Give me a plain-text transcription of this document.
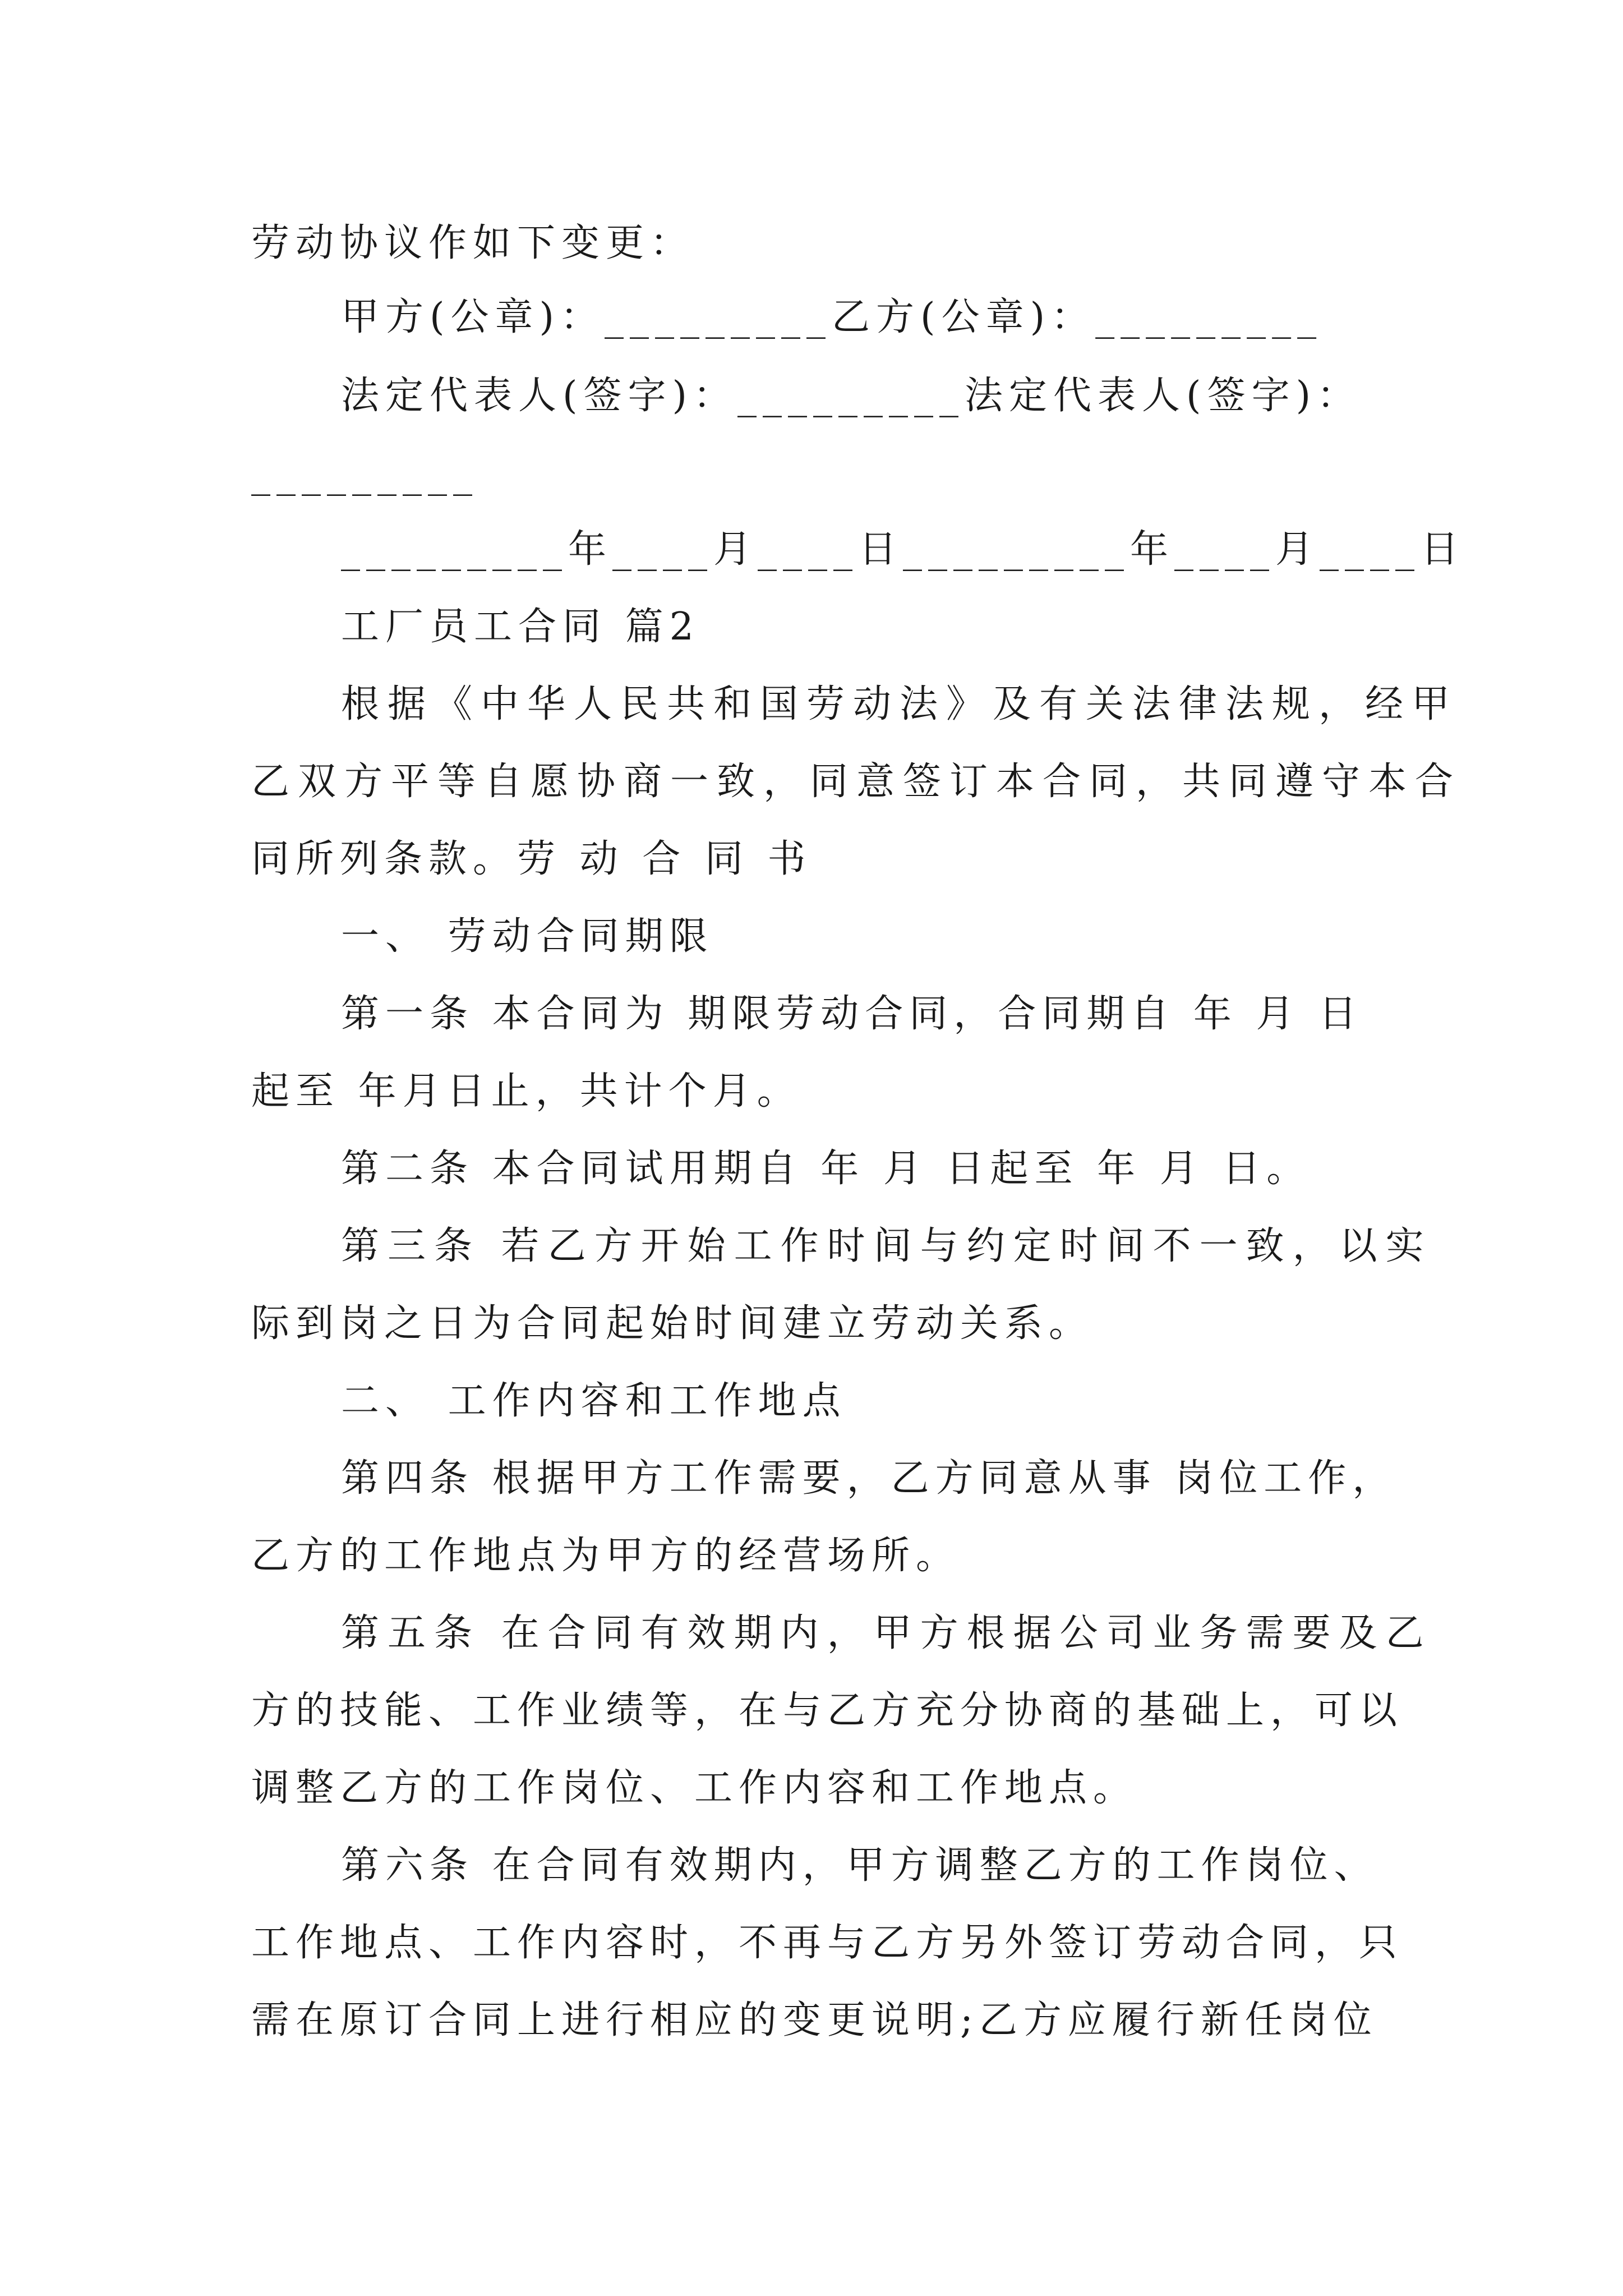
劳动协议作如下变更：
甲方(公章)：_________乙方(公章)：_________
法定代表人(签字)：_________法定代表人(签字)：
_________
_________年____月____日_________年____月____日
工厂员工合同 篇2
根据《中华人民共和国劳动法》及有关法律法规，经甲
乙双方平等自愿协商一致，同意签订本合同，共同遵守本合
同所列条款。劳 动 合 同 书
一、 劳动合同期限
第一条 本合同为 期限劳动合同，合同期自 年 月 日
起至 年月日止，共计个月。
第二条 本合同试用期自 年 月 日起至 年 月 日。
第三条 若乙方开始工作时间与约定时间不一致，以实
际到岗之日为合同起始时间建立劳动关系。
二、 工作内容和工作地点
第四条 根据甲方工作需要，乙方同意从事 岗位工作，
乙方的工作地点为甲方的经营场所。
第五条 在合同有效期内，甲方根据公司业务需要及乙
方的技能、工作业绩等，在与乙方充分协商的基础上，可以
调整乙方的工作岗位、工作内容和工作地点。
第六条 在合同有效期内，甲方调整乙方的工作岗位、
工作地点、工作内容时，不再与乙方另外签订劳动合同，只
需在原订合同上进行相应的变更说明;乙方应履行新任岗位
